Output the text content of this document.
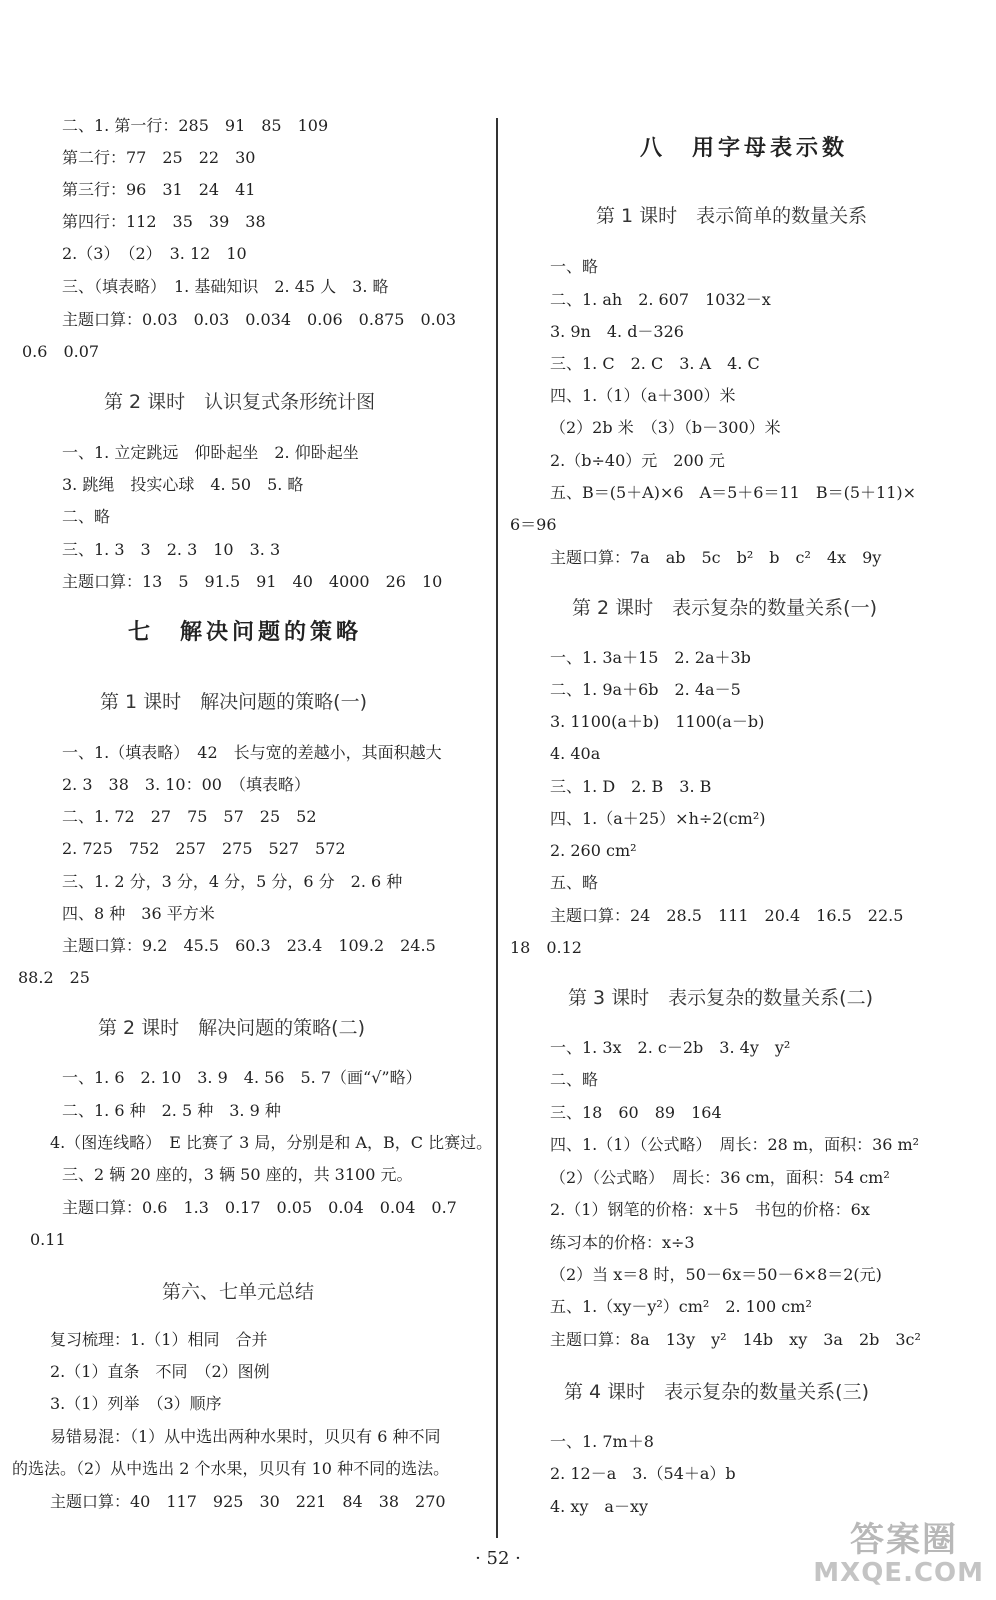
二、1. 第一行：285　91　85　109
第二行：77　25　22　30
第三行：96　31　24　41
第四行：112　35　39　38
2.（3）　（2）　3. 12　10
三、（填表略）　1. 基础知识　2. 45 人　3. 略
主题口算：0.03　0.03　0.034　0.06　0.875　0.03
0.6　0.07
第 2 课时　认识复式条形统计图
一、1. 立定跳远　仰卧起坐　2. 仰卧起坐
3. 跳绳　投实心球　4. 50　5. 略
二、略
三、1. 3　3　2. 3　10　3. 3
主题口算：13　5　91.5　91　40　4000　26　10
七　解决问题的策略
第 1 课时　解决问题的策略(一)
一、1.（填表略）　42　长与宽的差越小，其面积越大
2. 3　38　3. 10：00　（填表略）
二、1. 72　27　75　57　25　52
2. 725　752　257　275　527　572
三、1. 2 分，3 分，4 分，5 分，6 分　2. 6 种
四、8 种　36 平方米
主题口算：9.2　45.5　60.3　23.4　109.2　24.5
88.2　25
第 2 课时　解决问题的策略(二)
一、1. 6　2. 10　3. 9　4. 56　5. 7（画“√”略）
二、1. 6 种　2. 5 种　3. 9 种
4.（图连线略）　E 比赛了 3 局，分别是和 A，B，C 比赛过。
三、2 辆 20 座的，3 辆 50 座的，共 3100 元。
主题口算：0.6　1.3　0.17　0.05　0.04　0.04　0.7
0.11
第六、七单元总结
复习梳理：1.（1）相同　合并
2.（1）直条　不同　（2）图例
3.（1）列举　（3）顺序
易错易混：（1）从中选出两种水果时，贝贝有 6 种不同
的选法。（2）从中选出 2 个水果，贝贝有 10 种不同的选法。
主题口算：40　117　925　30　221　84　38　270
八　用字母表示数
第 1 课时　表示简单的数量关系
一、略
二、1. ah　2. 607　1032－x
3. 9n　4. d－326
三、1. C　2. C　3. A　4. C
四、1.（1）（a＋300）米
（2）2b 米　（3）（b－300）米
2.（b÷40）元　200 元
五、B＝(5＋A)×6　A＝5＋6＝11　B＝(5＋11)×
6＝96
主题口算：7a　ab　5c　b²　b　c²　4x　9y
第 2 课时　表示复杂的数量关系(一)
一、1. 3a＋15　2. 2a＋3b
二、1. 9a＋6b　2. 4a－5
3. 1100(a＋b)　1100(a－b)
4. 40a
三、1. D　2. B　3. B
四、1.（a＋25）×h÷2(cm²)
2. 260 cm²
五、略
主题口算：24　28.5　111　20.4　16.5　22.5
18　0.12
第 3 课时　表示复杂的数量关系(二)
一、1. 3x　2. c－2b　3. 4y　y²
二、略
三、18　60　89　164
四、1.（1）（公式略）　周长：28 m，面积：36 m²
（2）（公式略）　周长：36 cm，面积：54 cm²
2.（1）钢笔的价格：x＋5　书包的价格：6x
练习本的价格：x÷3
（2）当 x＝8 时，50－6x＝50－6×8＝2(元)
五、1.（xy－y²）cm²　2. 100 cm²
主题口算：8a　13y　y²　14b　xy　3a　2b　3c²
第 4 课时　表示复杂的数量关系(三)
一、1. 7m＋8
2. 12－a　3.（54＋a）b
4. xy　a－xy
· 52 ·	答案圈
MXQE.COM
